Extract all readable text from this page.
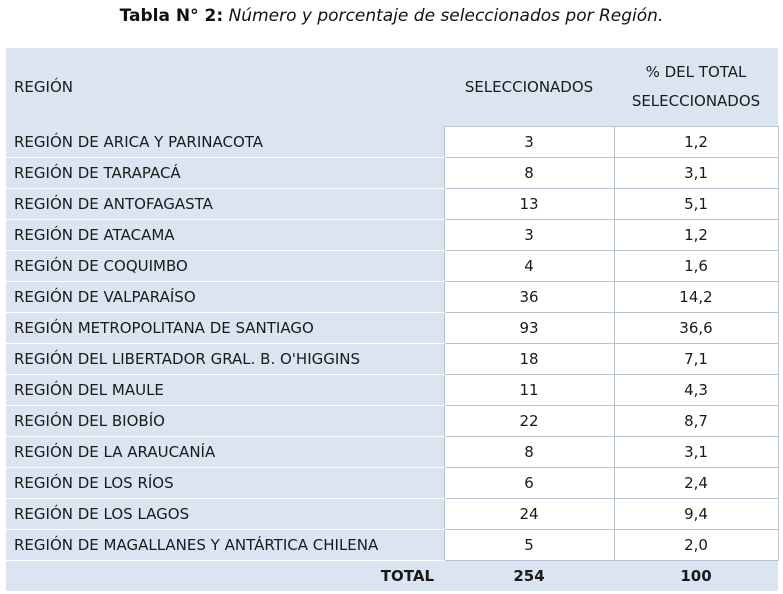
Tabla N° 2: Número y porcentaje de seleccionados por Región.
REGIÓN	SELECCIONADOS	% DEL TOTAL
SELECCIONADOS

REGIÓN DE ARICA Y PARINACOTA	3	1,2
REGIÓN DE TARAPACÁ	8	3,1
REGIÓN DE ANTOFAGASTA	13	5,1
REGIÓN DE ATACAMA	3	1,2
REGIÓN DE COQUIMBO	4	1,6
REGIÓN DE VALPARAÍSO	36	14,2
REGIÓN METROPOLITANA DE SANTIAGO	93	36,6
REGIÓN DEL LIBERTADOR GRAL. B. O'HIGGINS	18	7,1
REGIÓN DEL MAULE	11	4,3
REGIÓN DEL BIOBÍO	22	8,7
REGIÓN DE LA ARAUCANÍA	8	3,1
REGIÓN DE LOS RÍOS	6	2,4
REGIÓN DE LOS LAGOS	24	9,4
REGIÓN DE MAGALLANES Y ANTÁRTICA CHILENA	5	2,0
TOTAL	254	100
